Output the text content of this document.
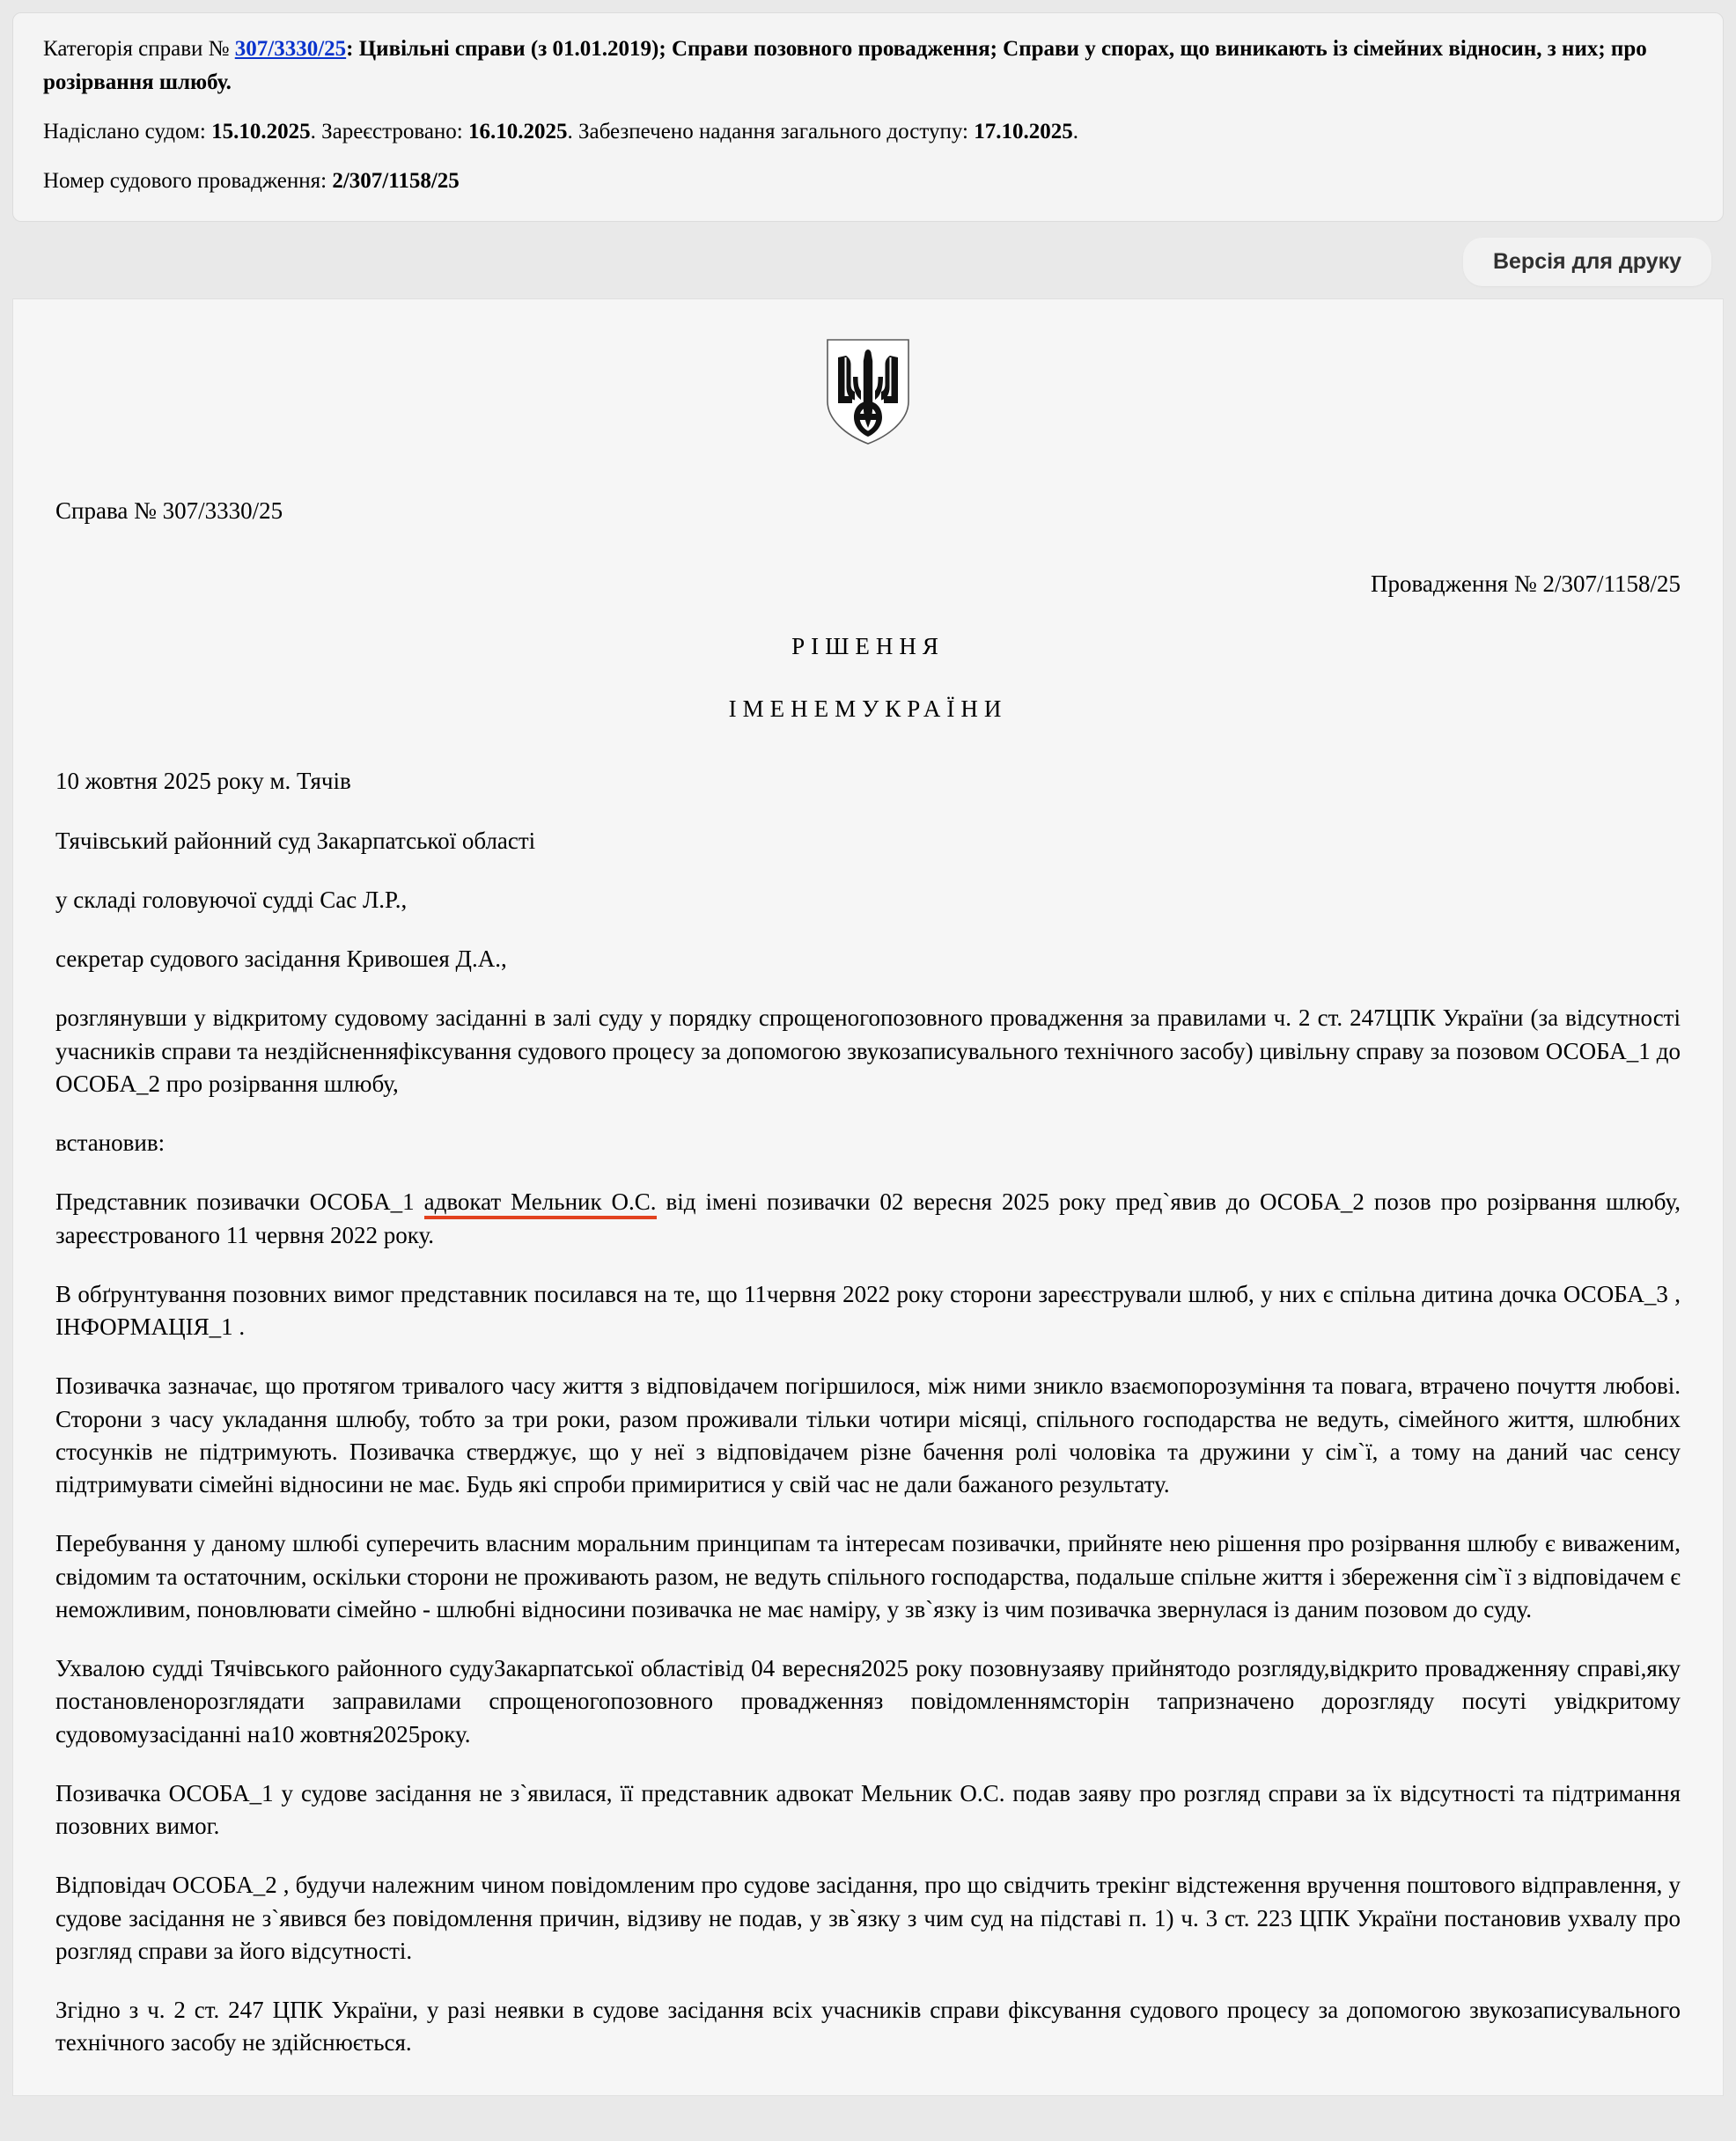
Категорія справи № 307/3330/25: Цивільні справи (з 01.01.2019); Справи позовного провадження; Справи у спорах, що виникають із сімейних відносин, з них; про розірвання шлюбу.

Надіслано судом: 15.10.2025. Зареєстровано: 16.10.2025. Забезпечено надання загального доступу: 17.10.2025.

Номер судового провадження: 2/307/1158/25

Версія для друку

Справа № 307/3330/25

Провадження № 2/307/1158/25

РІШЕННЯ

ІМЕНЕМУКРАЇНИ

10 жовтня 2025 року м. Тячів

Тячівський районний суд Закарпатської області

у складі головуючої судді Сас Л.Р.,

секретар судового засідання Кривошея Д.А.,

розглянувши у відкритому судовому засіданні в залі суду у порядку спрощеногопозовного провадження за правилами ч. 2 ст. 247ЦПК України (за відсутності учасників справи та нездійсненняфіксування судового процесу за допомогою звукозаписувального технічного засобу) цивільну справу за позовом ОСОБА_1 до ОСОБА_2 про розірвання шлюбу,

встановив:

Представник позивачки ОСОБА_1 адвокат Мельник О.С. від імені позивачки 02 вересня 2025 року пред`явив до ОСОБА_2 позов про розірвання шлюбу, зареєстрованого 11 червня 2022 року.

В обґрунтування позовних вимог представник посилався на те, що 11червня 2022 року сторони зареєстрували шлюб, у них є спільна дитина дочка ОСОБА_3 , ІНФОРМАЦІЯ_1 .

Позивачка зазначає, що протягом тривалого часу життя з відповідачем погіршилося, між ними зникло взаємопорозуміння та повага, втрачено почуття любові. Сторони з часу укладання шлюбу, тобто за три роки, разом проживали тільки чотири місяці, спільного господарства не ведуть, сімейного життя, шлюбних стосунків не підтримують. Позивачка стверджує, що у неї з відповідачем різне бачення ролі чоловіка та дружини у сім`ї, а тому на даний час сенсу підтримувати сімейні відносини не має. Будь які спроби примиритися у свій час не дали бажаного результату.

Перебування у даному шлюбі суперечить власним моральним принципам та інтересам позивачки, прийняте нею рішення про розірвання шлюбу є виваженим, свідомим та остаточним, оскільки сторони не проживають разом, не ведуть спільного господарства, подальше спільне життя і збереження сім`ї з відповідачем є неможливим, поновлювати сімейно - шлюбні відносини позивачка не має наміру, у зв`язку із чим позивачка звернулася із даним позовом до суду.

Ухвалою судді Тячівського районного судуЗакарпатської областівід 04 вересня2025 року позовнузаяву прийнятодо розгляду,відкрито провадженняу справі,яку постановленорозглядати заправилами спрощеногопозовного провадженняз повідомленнямсторін тапризначено дорозгляду посуті увідкритому судовомузасіданні на10 жовтня2025року.

Позивачка ОСОБА_1 у судове засідання не з`явилася, її представник адвокат Мельник О.С. подав заяву про розгляд справи за їх відсутності та підтримання позовних вимог.

Відповідач ОСОБА_2 , будучи належним чином повідомленим про судове засідання, про що свідчить трекінг відстеження вручення поштового відправлення, у судове засідання не з`явився без повідомлення причин, відзиву не подав, у зв`язку з чим суд на підставі п. 1) ч. 3 ст. 223 ЦПК України постановив ухвалу про розгляд справи за його відсутності.

Згідно з ч. 2 ст. 247 ЦПК України, у разі неявки в судове засідання всіх учасників справи фіксування судового процесу за допомогою звукозаписувального технічного засобу не здійснюється.
